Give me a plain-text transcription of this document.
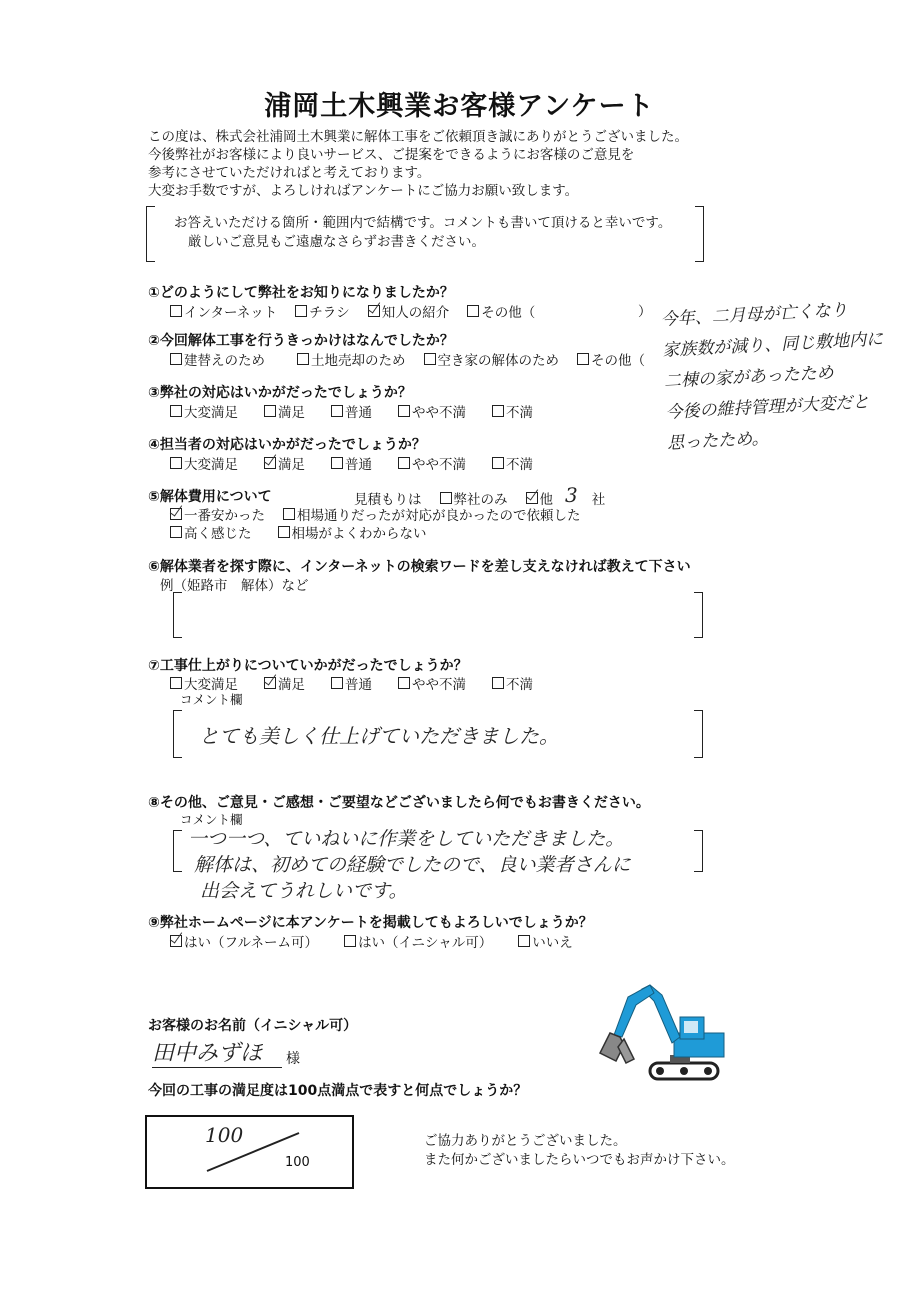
浦岡土木興業お客様アンケート
この度は、株式会社浦岡土木興業に解体工事をご依頼頂き誠にありがとうございました。
今後弊社がお客様により良いサービス、ご提案をできるようにお客様のご意見を
参考にさせていただければと考えております。
大変お手数ですが、よろしければアンケートにご協力お願い致します。
お答えいただける箇所・範囲内で結構です。コメントも書いて頂けると幸いです。
厳しいご意見もご遠慮なさらずお書きください。
①どのようにして弊社をお知りになりましたか？
インターネット チラシ 知人の紹介 その他（	）
②今回解体工事を行うきっかけはなんでしたか？
建替えのため	土地売却のため 空き家の解体のため その他（
③弊社の対応はいかがだったでしょうか？
大変満足	満足	普通	やや不満	不満
④担当者の対応はいかがだったでしょうか？
大変満足	満足	普通	やや不満	不満
⑤解体費用について	見積もりは 弊社のみ 他 3 社
一番安かった 相場通りだったが対応が良かったので依頼した
高く感じた	相場がよくわからない
⑥解体業者を探す際に、インターネットの検索ワードを差し支えなければ教えて下さい
例（姫路市　解体）など
⑦工事仕上がりについていかがだったでしょうか？
大変満足	満足	普通	やや不満	不満
コメント欄
とても美しく仕上げていただきました。
⑧その他、ご意見・ご感想・ご要望などございましたら何でもお書きください。
コメント欄
一つ一つ、ていねいに作業をしていただきました。
解体は、初めての経験でしたので、良い業者さんに
出会えてうれしいです。
⑨弊社ホームページに本アンケートを掲載してもよろしいでしょうか？
はい（フルネーム可）	はい（イニシャル可）	いいえ
今年、二月母が亡くなり
家族数が減り、同じ敷地内に
二棟の家があったため
今後の維持管理が大変だと
思ったため。
お客様のお名前（イニシャル可）
田中みずほ	様
今回の工事の満足度は100点満点で表すと何点でしょうか？
100
100
ご協力ありがとうございました。
また何かございましたらいつでもお声かけ下さい。
